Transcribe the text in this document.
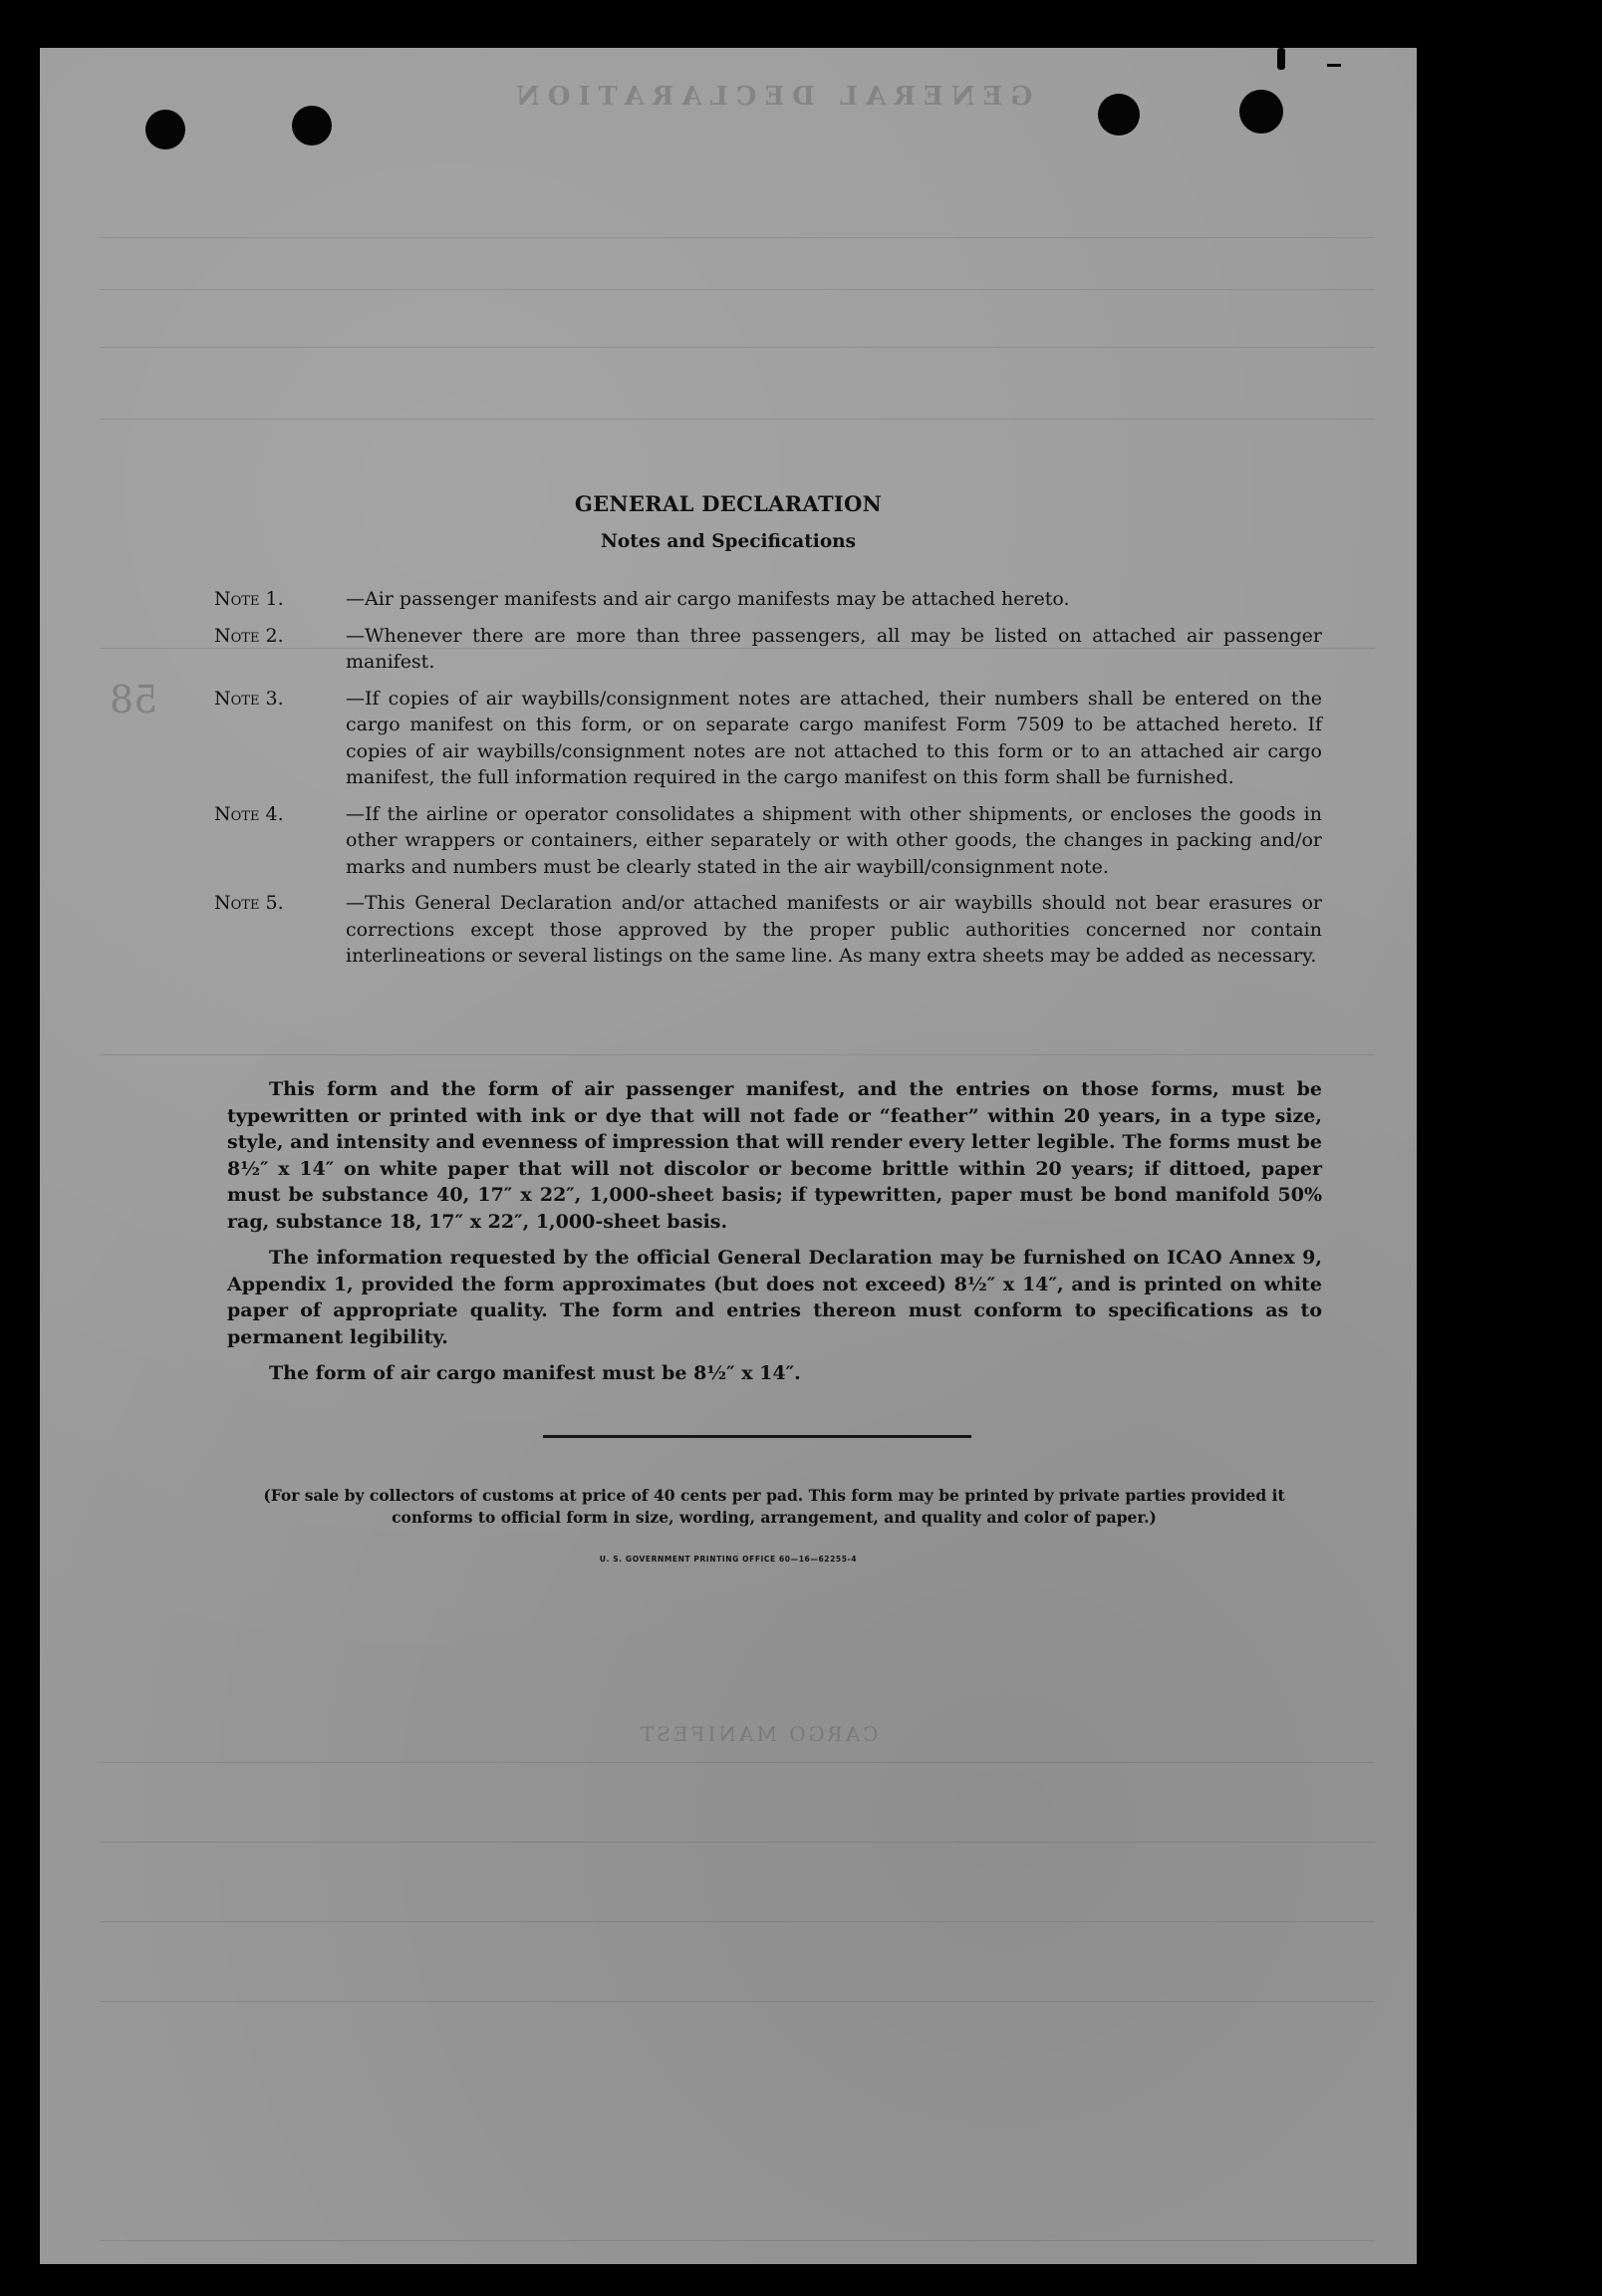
GENERAL DECLARATION
CARGO MANIFEST
58
GENERAL DECLARATION
Notes and Specifications
Note 1.	—Air passenger manifests and air cargo manifests may be attached hereto.
Note 2.	—Whenever there are more than three passengers, all may be listed on attached air passenger manifest.
Note 3.	—If copies of air waybills/consignment notes are attached, their numbers shall be entered on the cargo manifest on this form, or on separate cargo manifest Form 7509 to be attached hereto. If copies of air waybills/consignment notes are not attached to this form or to an attached air cargo manifest, the full information required in the cargo manifest on this form shall be furnished.
Note 4.	—If the airline or operator consolidates a shipment with other shipments, or encloses the goods in other wrappers or containers, either separately or with other goods, the changes in packing and/or marks and numbers must be clearly stated in the air waybill/consignment note.
Note 5.	—This General Declaration and/or attached manifests or air waybills should not bear erasures or corrections except those approved by the proper public authorities concerned nor contain interlineations or several listings on the same line. As many extra sheets may be added as necessary.

This form and the form of air passenger manifest, and the entries on those forms, must be typewritten or printed with ink or dye that will not fade or “feather” within 20 years, in a type size, style, and intensity and evenness of impression that will render every letter legible. The forms must be 8½″ x 14″ on white paper that will not discolor or become brittle within 20 years; if dittoed, paper must be substance 40, 17″ x 22″, 1,000-sheet basis; if typewritten, paper must be bond manifold 50% rag, substance 18, 17″ x 22″, 1,000-sheet basis.

The information requested by the official General Declaration may be furnished on ICAO Annex 9, Appendix 1, provided the form approximates (but does not exceed) 8½″ x 14″, and is printed on white paper of appropriate quality. The form and entries thereon must conform to specifications as to permanent legibility.

The form of air cargo manifest must be 8½″ x 14″.

(For sale by collectors of customs at price of 40 cents per pad. This form may be printed by private parties provided it conforms to official form in size, wording, arrangement, and quality and color of paper.)
U. S. GOVERNMENT PRINTING OFFICE 60—16—62255-4
